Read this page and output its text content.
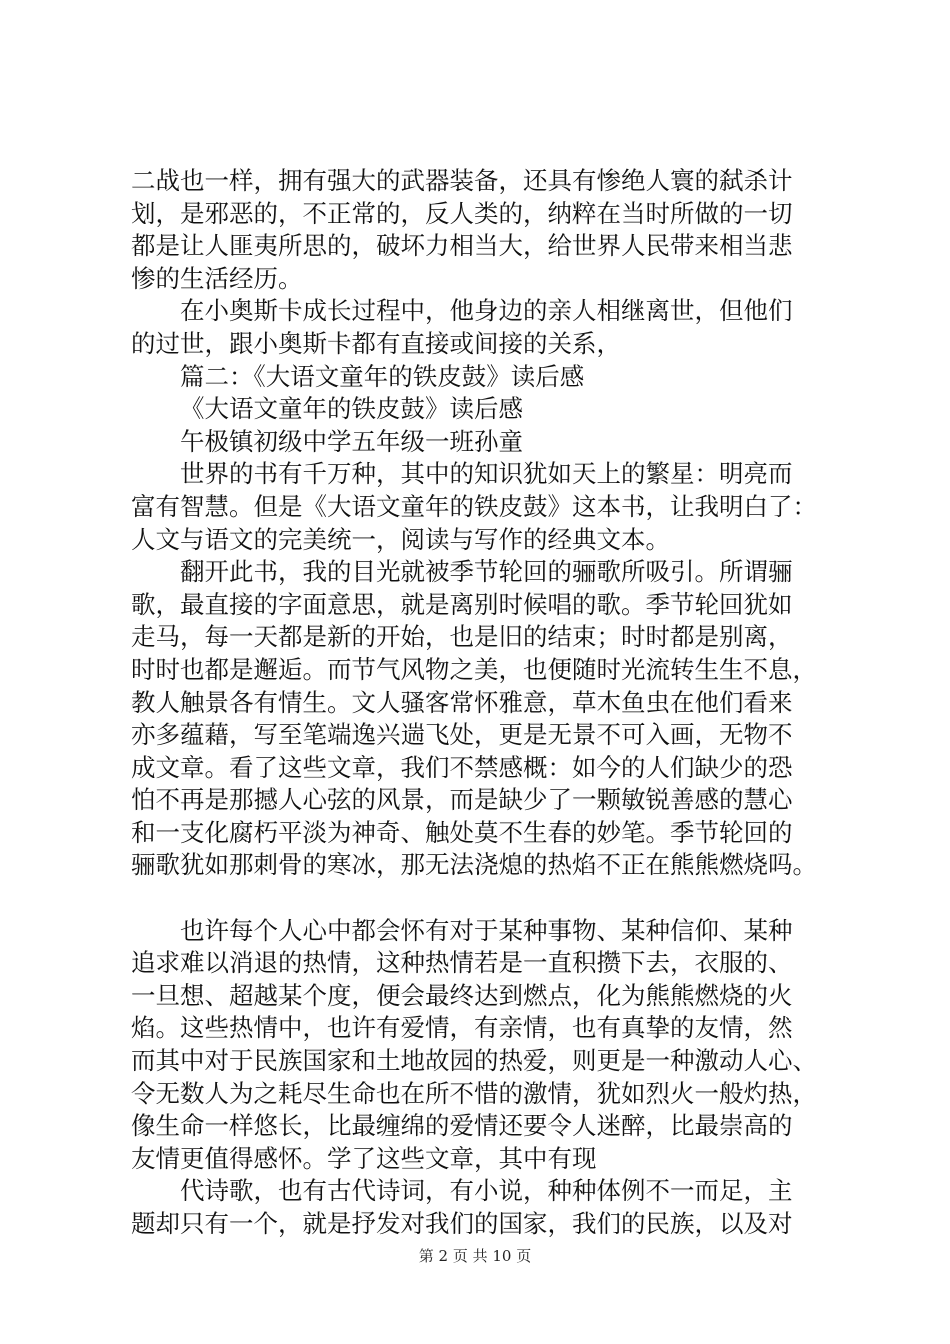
二战也一样，拥有强大的武器装备，还具有惨绝人寰的弑杀计
划，是邪恶的，不正常的，反人类的，纳粹在当时所做的一切
都是让人匪夷所思的，破坏力相当大，给世界人民带来相当悲
惨的生活经历。
在小奥斯卡成长过程中，他身边的亲人相继离世，但他们
的过世，跟小奥斯卡都有直接或间接的关系，
篇二：《大语文童年的铁皮鼓》读后感
《大语文童年的铁皮鼓》读后感
午极镇初级中学五年级一班孙童
世界的书有千万种，其中的知识犹如天上的繁星：明亮而
富有智慧。但是《大语文童年的铁皮鼓》这本书，让我明白了：
人文与语文的完美统一，阅读与写作的经典文本。
翻开此书，我的目光就被季节轮回的骊歌所吸引。所谓骊
歌，最直接的字面意思，就是离别时候唱的歌。季节轮回犹如
走马，每一天都是新的开始，也是旧的结束；时时都是别离，
时时也都是邂逅。而节气风物之美，也便随时光流转生生不息，
教人触景各有情生。文人骚客常怀雅意，草木鱼虫在他们看来
亦多蕴藉，写至笔端逸兴遄飞处，更是无景不可入画，无物不
成文章。看了这些文章，我们不禁感概：如今的人们缺少的恐
怕不再是那撼人心弦的风景，而是缺少了一颗敏锐善感的慧心
和一支化腐朽平淡为神奇、触处莫不生春的妙笔。季节轮回的
骊歌犹如那刺骨的寒冰，那无法浇熄的热焰不正在熊熊燃烧吗。
也许每个人心中都会怀有对于某种事物、某种信仰、某种
追求难以消退的热情，这种热情若是一直积攒下去，衣服的、
一旦想、超越某个度，便会最终达到燃点，化为熊熊燃烧的火
焰。这些热情中，也许有爱情，有亲情，也有真挚的友情，然
而其中对于民族国家和土地故园的热爱，则更是一种激动人心、
令无数人为之耗尽生命也在所不惜的激情，犹如烈火一般灼热，
像生命一样悠长，比最缠绵的爱情还要令人迷醉，比最崇高的
友情更值得感怀。学了这些文章，其中有现
代诗歌，也有古代诗词，有小说，种种体例不一而足，主
题却只有一个，就是抒发对我们的国家，我们的民族，以及对
第 2 页 共 10 页
